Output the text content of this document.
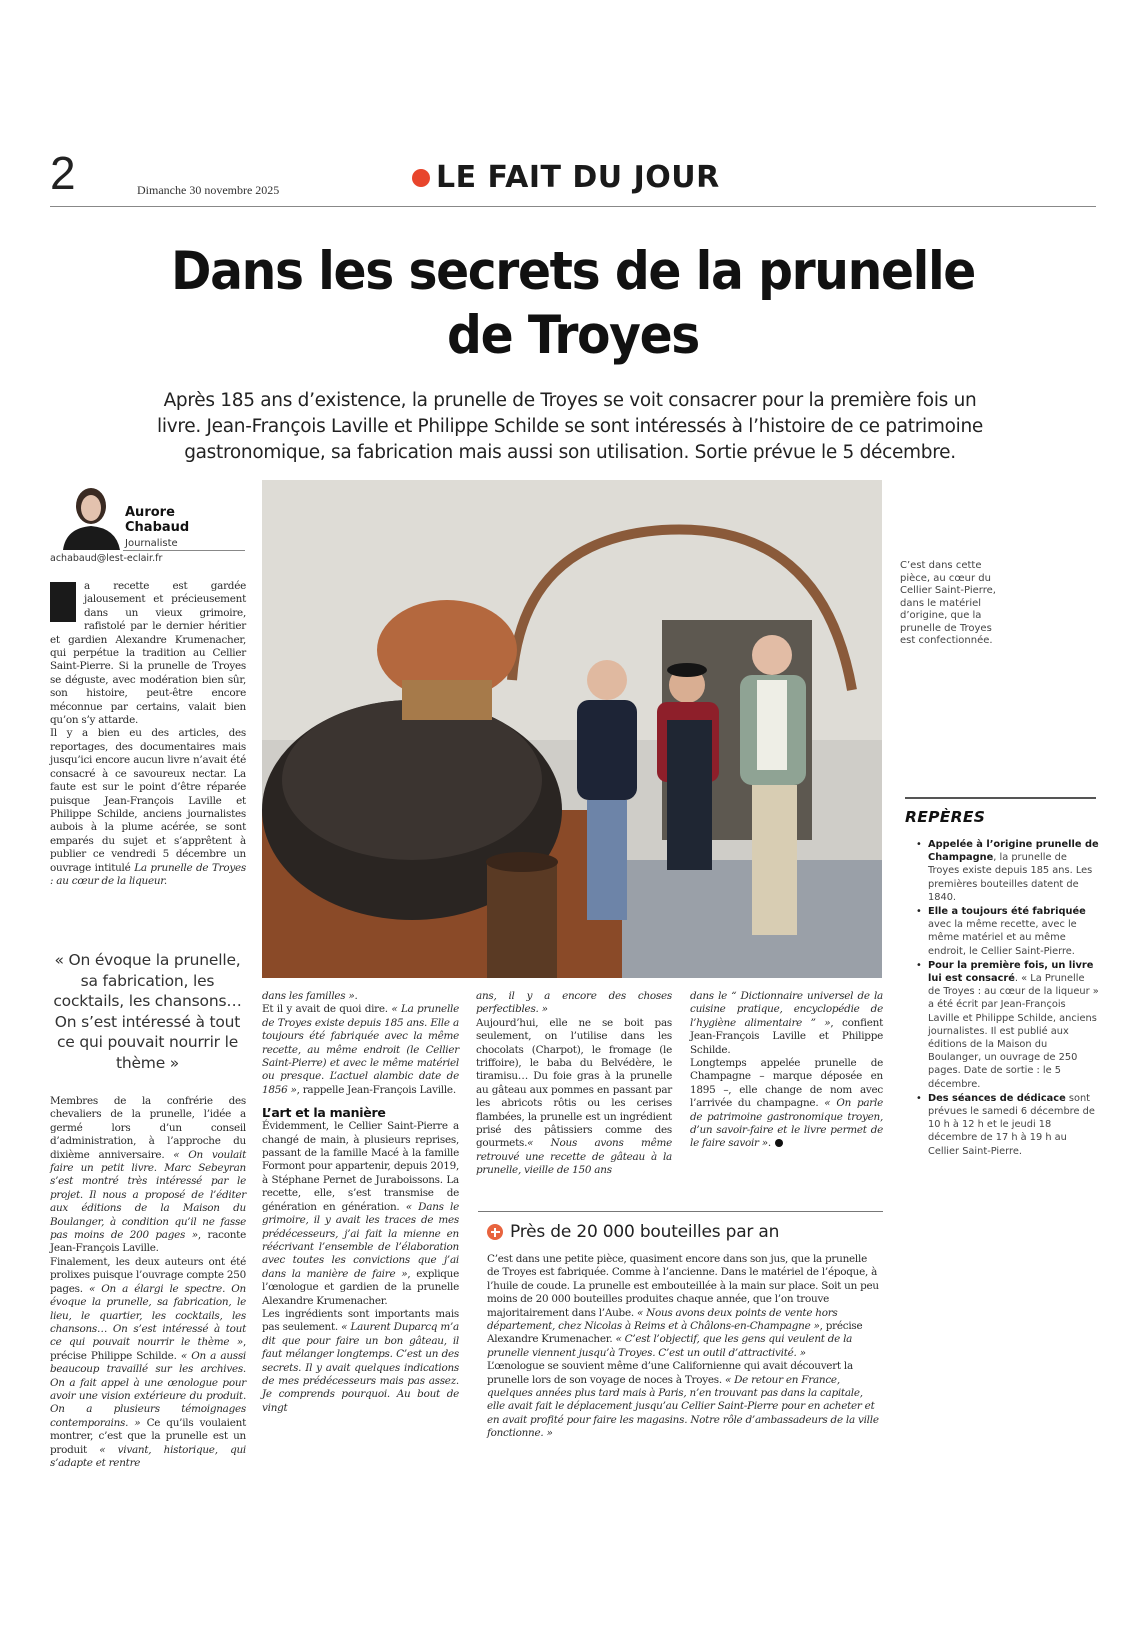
2	Dimanche 30 novembre 2025	LE FAIT DU JOUR
Dans les secrets de la prunelle
de Troyes

Après 185 ans d’existence, la prunelle de Troyes se voit consacrer pour la première fois un livre. Jean-François Laville et Philippe Schilde se sont intéressés à l’histoire de ce patrimoine gastronomique, sa fabrication mais aussi son utilisation. Sortie prévue le 5 décembre.

Aurore
Chabaud
Journaliste
achabaud@lest-eclair.fr

a recette est gardée jalousement et précieusement dans un vieux grimoire, rafistolé par le dernier héritier et gardien Alexandre Krumenacher, qui perpétue la tradition au Cellier Saint-Pierre. Si la prunelle de Troyes se déguste, avec modération bien sûr, son histoire, peut-être encore méconnue par certains, valait bien qu’on s’y attarde.

Il y a bien eu des articles, des reportages, des documentaires mais jusqu’ici encore aucun livre n’avait été consacré à ce savoureux nectar. La faute est sur le point d’être réparée puisque Jean-François Laville et Philippe Schilde, anciens journalistes aubois à la plume acérée, se sont emparés du sujet et s’apprêtent à publier ce vendredi 5 décembre un ouvrage intitulé La prunelle de Troyes : au cœur de la liqueur.

« On évoque la prunelle, sa fabrication, les cocktails, les chansons… On s’est intéressé à tout ce qui pouvait nourrir le thème »

Membres de la confrérie des chevaliers de la prunelle, l’idée a germé lors d’un conseil d’administration, à l’approche du dixième anniversaire. « On voulait faire un petit livre. Marc Sebeyran s’est montré très intéressé par le projet. Il nous a proposé de l’éditer aux éditions de la Maison du Boulanger, à condition qu’il ne fasse pas moins de 200 pages », raconte Jean-François Laville.

Finalement, les deux auteurs ont été prolixes puisque l’ouvrage compte 250 pages. « On a élargi le spectre. On évoque la prunelle, sa fabrication, le lieu, le quartier, les cocktails, les chansons… On s’est intéressé à tout ce qui pouvait nourrir le thème », précise Philippe Schilde. « On a aussi beaucoup travaillé sur les archives. On a fait appel à une œnologue pour avoir une vision extérieure du produit. On a plusieurs témoignages contemporains. » Ce qu’ils voulaient montrer, c’est que la prunelle est un produit « vivant, historique, qui s’adapte et rentre

C’est dans cette pièce, au cœur du Cellier Saint-Pierre, dans le matériel d’origine, que la prunelle de Troyes est confectionnée.

dans les familles ».

Et il y avait de quoi dire. « La prunelle de Troyes existe depuis 185 ans. Elle a toujours été fabriquée avec la même recette, au même endroit (le Cellier Saint-Pierre) et avec le même matériel ou presque. L’actuel alambic date de 1856 », rappelle Jean-François Laville.

L’art et la manière

Évidemment, le Cellier Saint-Pierre a changé de main, à plusieurs reprises, passant de la famille Macé à la famille Formont pour appartenir, depuis 2019, à Stéphane Pernet de Juraboissons. La recette, elle, s’est transmise de génération en génération. « Dans le grimoire, il y avait les traces de mes prédécesseurs, j’ai fait la mienne en réécrivant l’ensemble de l’élaboration avec toutes les convictions que j’ai dans la manière de faire », explique l’œnologue et gardien de la prunelle Alexandre Krumenacher.

Les ingrédients sont importants mais pas seulement. « Laurent Duparcq m’a dit que pour faire un bon gâteau, il faut mélanger longtemps. C’est un des secrets. Il y avait quelques indications de mes prédécesseurs mais pas assez. Je comprends pourquoi. Au bout de vingt

ans, il y a encore des choses perfectibles. »

Aujourd’hui, elle ne se boit pas seulement, on l’utilise dans les chocolats (Charpot), le fromage (le triffoire), le baba du Belvédère, le tiramisu… Du foie gras à la prunelle au gâteau aux pommes en passant par les abricots rôtis ou les cerises flambées, la prunelle est un ingrédient prisé des pâtissiers comme des gourmets.« Nous avons même retrouvé une recette de gâteau à la prunelle, vieille de 150 ans

dans le “ Dictionnaire universel de la cuisine pratique, encyclopédie de l’hygiène alimentaire ” », confient Jean-François Laville et Philippe Schilde.

Longtemps appelée prunelle de Champagne – marque déposée en 1895 –, elle change de nom avec l’arrivée du champagne. « On parle de patrimoine gastronomique troyen, d’un savoir-faire et le livre permet de le faire savoir ».

REPÈRES
• Appelée à l’origine prunelle de Champagne, la prunelle de Troyes existe depuis 185 ans. Les premières bouteilles datent de 1840.
• Elle a toujours été fabriquée avec la même recette, avec le même matériel et au même endroit, le Cellier Saint-Pierre.
• Pour la première fois, un livre lui est consacré. « La Prunelle de Troyes : au cœur de la liqueur » a été écrit par Jean-François Laville et Philippe Schilde, anciens journalistes. Il est publié aux éditions de la Maison du Boulanger, un ouvrage de 250 pages. Date de sortie : le 5 décembre.
• Des séances de dédicace sont prévues le samedi 6 décembre de 10 h à 12 h et le jeudi 18 décembre de 17 h à 19 h au Cellier Saint-Pierre.
Près de 20 000 bouteilles par an

C’est dans une petite pièce, quasiment encore dans son jus, que la prunelle de Troyes est fabriquée. Comme à l’ancienne. Dans le matériel de l’époque, à l’huile de coude. La prunelle est embouteillée à la main sur place. Soit un peu moins de 20 000 bouteilles produites chaque année, que l’on trouve majoritairement dans l’Aube. « Nous avons deux points de vente hors département, chez Nicolas à Reims et à Châlons-en-Champagne », précise Alexandre Krumenacher. « C’est l’objectif, que les gens qui veulent de la prunelle viennent jusqu’à Troyes. C’est un outil d’attractivité. »

L’œnologue se souvient même d’une Californienne qui avait découvert la prunelle lors de son voyage de noces à Troyes. « De retour en France, quelques années plus tard mais à Paris, n’en trouvant pas dans la capitale, elle avait fait le déplacement jusqu’au Cellier Saint-Pierre pour en acheter et en avait profité pour faire les magasins. Notre rôle d’ambassadeurs de la ville fonctionne. »
